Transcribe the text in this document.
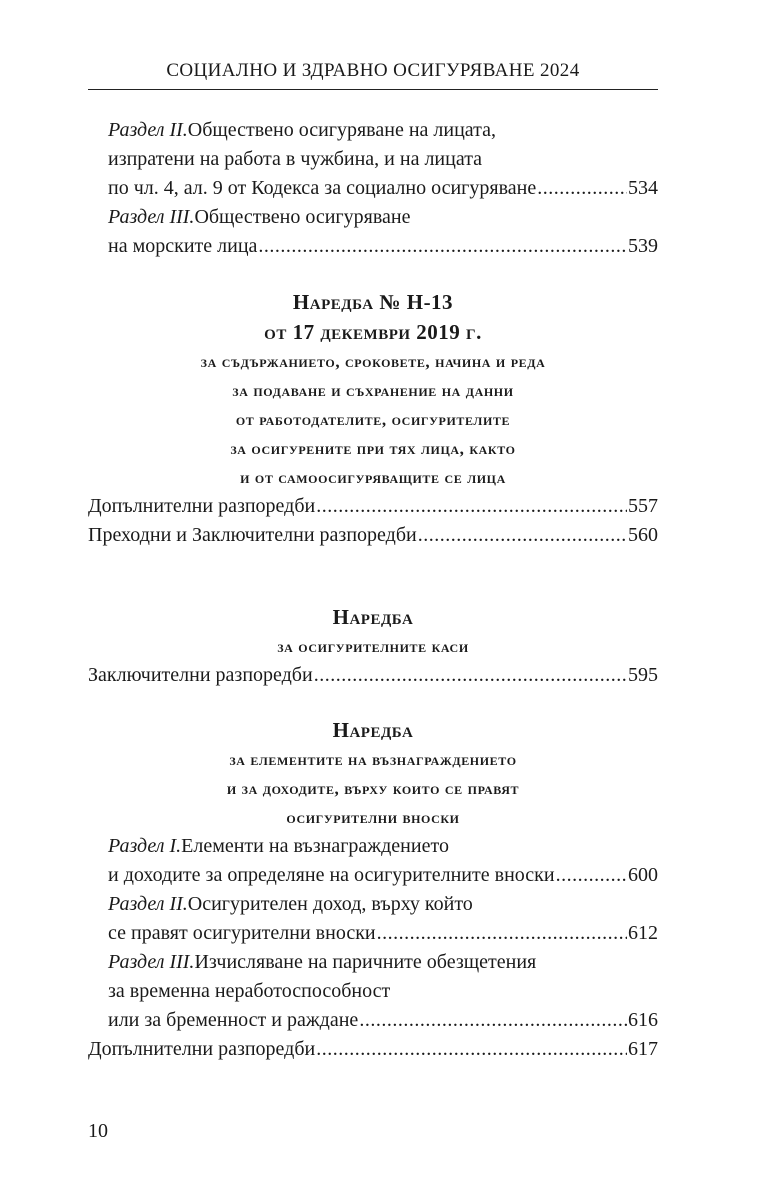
СОЦИАЛНО И ЗДРАВНО ОСИГУРЯВАНЕ 2024
Раздел II. Обществено осигуряване на лицата,
изпратени на работа в чужбина, и на лицата
по чл. 4, ал. 9 от Кодекса за социално осигуряване .....	534
Раздел III. Обществено осигуряване
на морските лица .....	539
Наредба № Н-13
от 17 декември 2019 г.
за съдържанието, сроковете, начина и реда
за подаване и съхранение на данни
от работодателите, осигурителите
за осигурените при тях лица, както
и от самоосигуряващите се лица
Допълнителни разпоредби .....	557
Преходни и Заключителни разпоредби .....	560
Наредба
за осигурителните каси
Заключителни разпоредби .....	595
Наредба
за елементите на възнаграждението
и за доходите, върху които се правят
осигурителни вноски
Раздел I. Елементи на възнаграждението
и доходите за определяне на осигурителните вноски .....	600
Раздел II. Осигурителен доход, върху който
се правят осигурителни вноски .....	612
Раздел III. Изчисляване на паричните обезщетения
за временна неработоспособност
или за бременност и раждане .....	616
Допълнителни разпоредби .....	617
10
